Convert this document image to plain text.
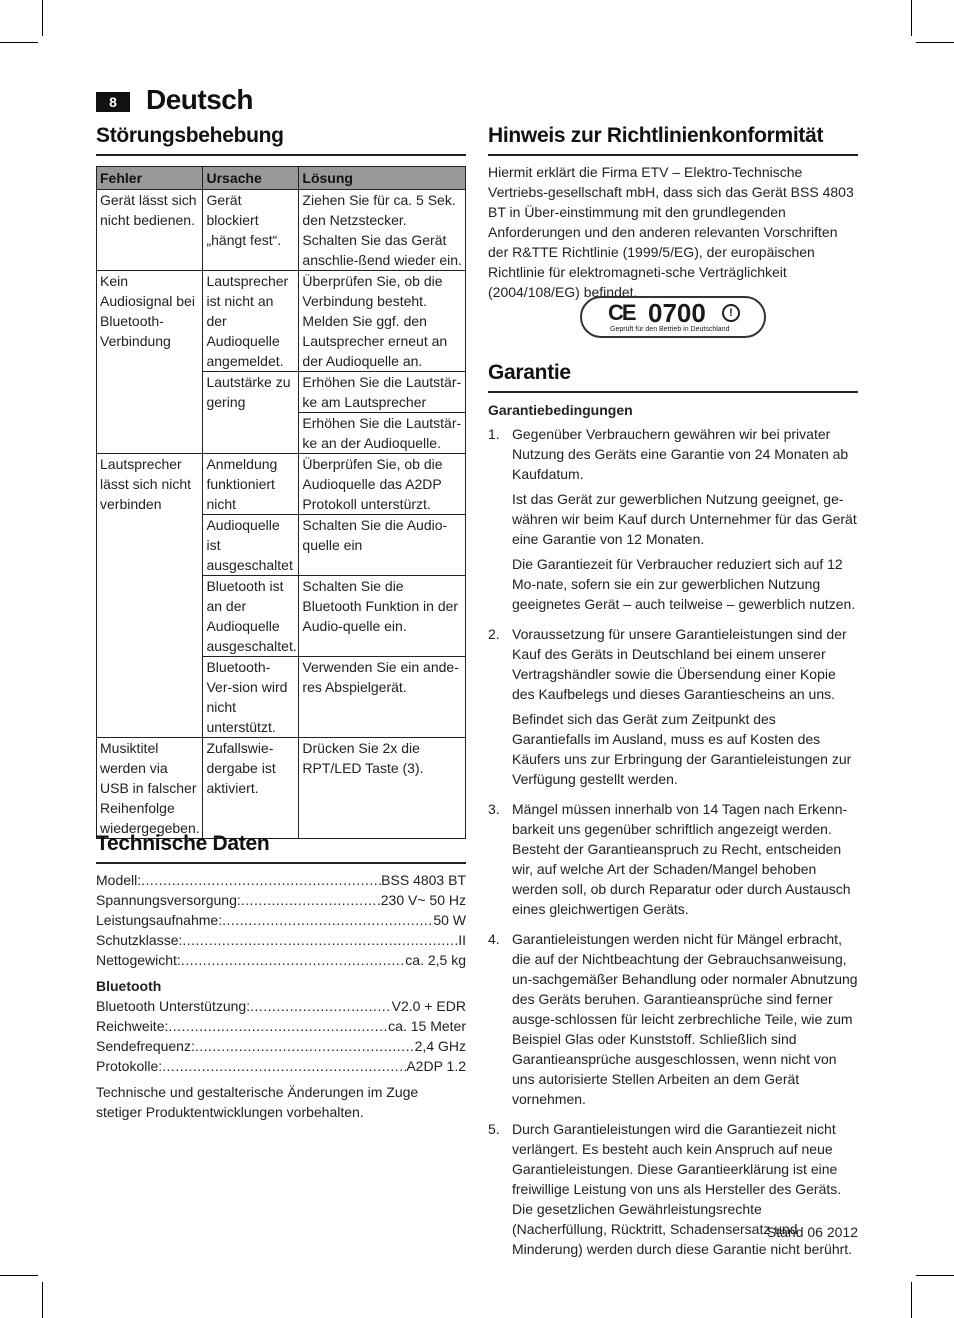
8	Deutsch
Störungsbehebung
Fehler	Ursache	Lösung
Gerät lässt sich nicht bedienen.	Gerät blockiert „hängt fest“.	Ziehen Sie für ca. 5 Sek. den Netzstecker. Schalten Sie das Gerät anschlie-ßend wieder ein.
Kein Audiosignal bei Bluetooth-Verbindung	Lautsprecher ist nicht an der Audioquelle angemeldet.	Überprüfen Sie, ob die Verbindung besteht. Melden Sie ggf. den Lautsprecher erneut an der Audioquelle an.
	Lautstärke zu gering	Erhöhen Sie die Lautstär-ke am Lautsprecher
		Erhöhen Sie die Lautstär-ke an der Audioquelle.
Lautsprecher lässt sich nicht verbinden	Anmeldung funktioniert nicht	Überprüfen Sie, ob die Audioquelle das A2DP Protokoll unterstürzt.
	Audioquelle ist ausgeschaltet	Schalten Sie die Audio-quelle ein
	Bluetooth ist an der Audioquelle ausgeschaltet.	Schalten Sie die Bluetooth Funktion in der Audio-quelle ein.
	Bluetooth-Ver-sion wird nicht unterstützt.	Verwenden Sie ein ande-res Abspielgerät.
Musiktitel werden via USB in falscher Reihenfolge wiedergegeben.	Zufallswie-dergabe ist aktiviert.	Drücken Sie 2x die RPT/LED Taste (3).
Technische Daten
Modell: .....	BSS 4803 BT
Spannungsversorgung: .....	230 V~ 50 Hz
Leistungsaufnahme: .....	50 W
Schutzklasse: .....	II
Nettogewicht: .....	ca. 2,5 kg
Bluetooth
Bluetooth Unterstützung: .....	V2.0 + EDR
Reichweite: .....	ca. 15 Meter
Sendefrequenz: .....	2,4 GHz
Protokolle: .....	A2DP 1.2
Technische und gestalterische Änderungen im Zuge stetiger Produktentwicklungen vorbehalten.
Hinweis zur Richtlinienkonformität
Hiermit erklärt die Firma ETV – Elektro-Technische Vertriebs-gesellschaft mbH, dass sich das Gerät BSS 4803 BT in Über-einstimmung mit den grundlegenden Anforderungen und den anderen relevanten Vorschriften der R&TTE Richtlinie (1999/5/EG), der europäischen Richtlinie für elektromagneti-sche Verträglichkeit (2004/108/EG) befindet.
CE 0700	!
Geprüft für den Betrieb in Deutschland
Garantie
Garantiebedingungen
1. Gegenüber Verbrauchern gewähren wir bei privater Nutzung des Geräts eine Garantie von 24 Monaten ab Kaufdatum.

Ist das Gerät zur gewerblichen Nutzung geeignet, ge-währen wir beim Kauf durch Unternehmer für das Gerät eine Garantie von 12 Monaten.

Die Garantiezeit für Verbraucher reduziert sich auf 12 Mo-nate, sofern sie ein zur gewerblichen Nutzung geeignetes Gerät – auch teilweise – gewerblich nutzen.

2. Voraussetzung für unsere Garantieleistungen sind der Kauf des Geräts in Deutschland bei einem unserer Vertragshändler sowie die Übersendung einer Kopie des Kaufbelegs und dieses Garantiescheins an uns.

Befindet sich das Gerät zum Zeitpunkt des Garantiefalls im Ausland, muss es auf Kosten des Käufers uns zur Erbringung der Garantieleistungen zur Verfügung gestellt werden.

3. Mängel müssen innerhalb von 14 Tagen nach Erkenn-barkeit uns gegenüber schriftlich angezeigt werden. Besteht der Garantieanspruch zu Recht, entscheiden wir, auf welche Art der Schaden/Mangel behoben werden soll, ob durch Reparatur oder durch Austausch eines gleichwertigen Geräts.

4. Garantieleistungen werden nicht für Mängel erbracht, die auf der Nichtbeachtung der Gebrauchsanweisung, un-sachgemäßer Behandlung oder normaler Abnutzung des Geräts beruhen. Garantieansprüche sind ferner ausge-schlossen für leicht zerbrechliche Teile, wie zum Beispiel Glas oder Kunststoff. Schließlich sind Garantieansprüche ausgeschlossen, wenn nicht von uns autorisierte Stellen Arbeiten an dem Gerät vornehmen.

5. Durch Garantieleistungen wird die Garantiezeit nicht verlängert. Es besteht auch kein Anspruch auf neue Garantieleistungen. Diese Garantieerklärung ist eine freiwillige Leistung von uns als Hersteller des Geräts. Die gesetzlichen Gewährleistungsrechte (Nacherfüllung, Rücktritt, Schadensersatz und Minderung) werden durch diese Garantie nicht berührt.

Stand 06 2012
